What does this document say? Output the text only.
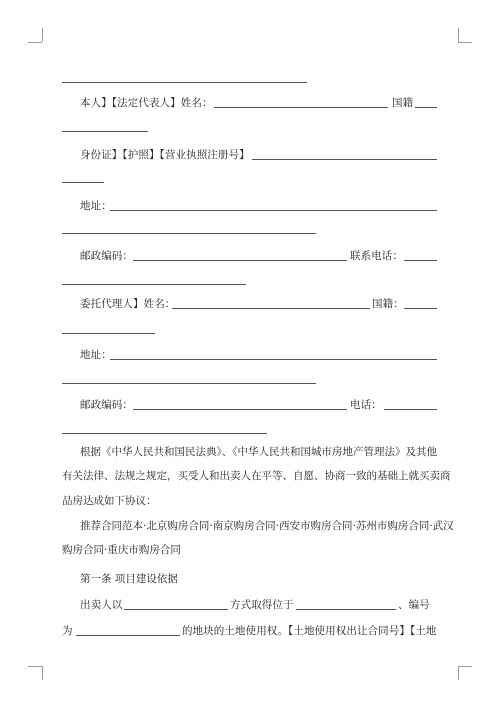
本人】【法定代表人】姓名：	国籍
身份证】【护照】【营业执照注册号】
地址：
邮政编码：	联系电话：
委托代理人】姓名：	国籍：
地址：
邮政编码：	电话：
根据《中华人民共和国民法典》、《中华人民共和国城市房地产管理法》及其他
有关法律、法规之规定，买受人和出卖人在平等、自愿、协商一致的基础上就买卖商
品房达成如下协议：
推荐合同范本·北京购房合同·南京购房合同·西安市购房合同·苏州市购房合同·武汉
购房合同·重庆市购房合同
第一条 项目建设依据
出卖人以	方式取得位于	、编号
为	的地块的土地使用权。【土地使用权出让合同号】【土地
